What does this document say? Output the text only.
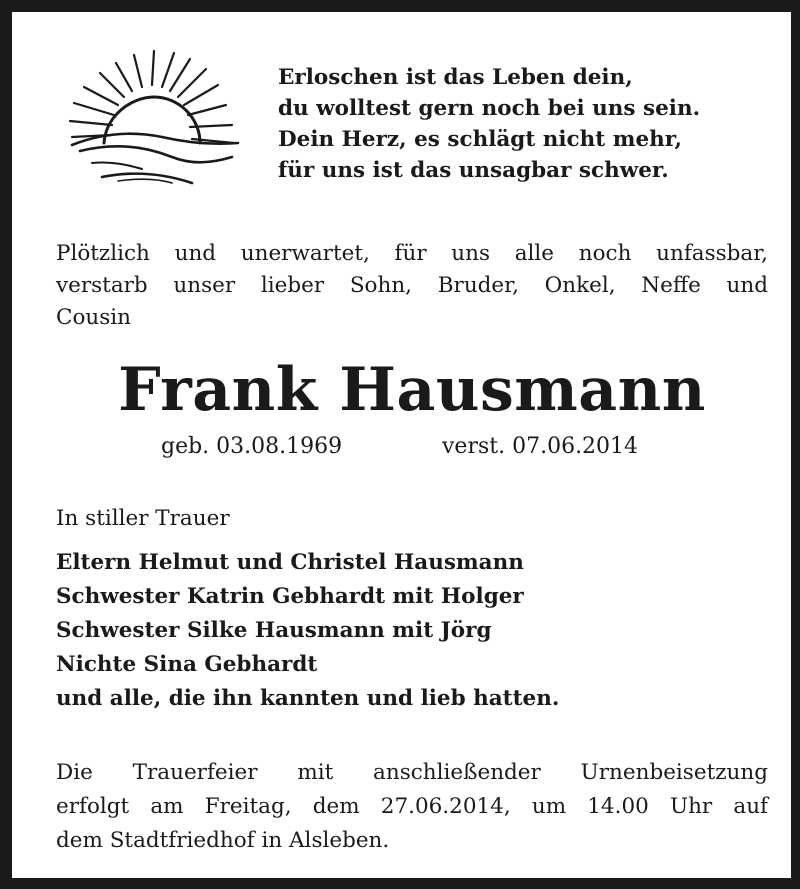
Erloschen ist das Leben dein,
du wolltest gern noch bei uns sein.
Dein Herz, es schlägt nicht mehr,
für uns ist das unsagbar schwer.
Plötzlich und unerwartet, für uns alle noch unfassbar,
verstarb unser lieber Sohn, Bruder, Onkel, Neffe und
Cousin
Frank Hausmann
geb. 03.08.1969	verst. 07.06.2014
In stiller Trauer
Eltern Helmut und Christel Hausmann
Schwester Katrin Gebhardt mit Holger
Schwester Silke Hausmann mit Jörg
Nichte Sina Gebhardt
und alle, die ihn kannten und lieb hatten.
Die Trauerfeier mit anschließender Urnenbeisetzung
erfolgt am Freitag, dem 27.06.2014, um 14.00 Uhr auf
dem Stadtfriedhof in Alsleben.
